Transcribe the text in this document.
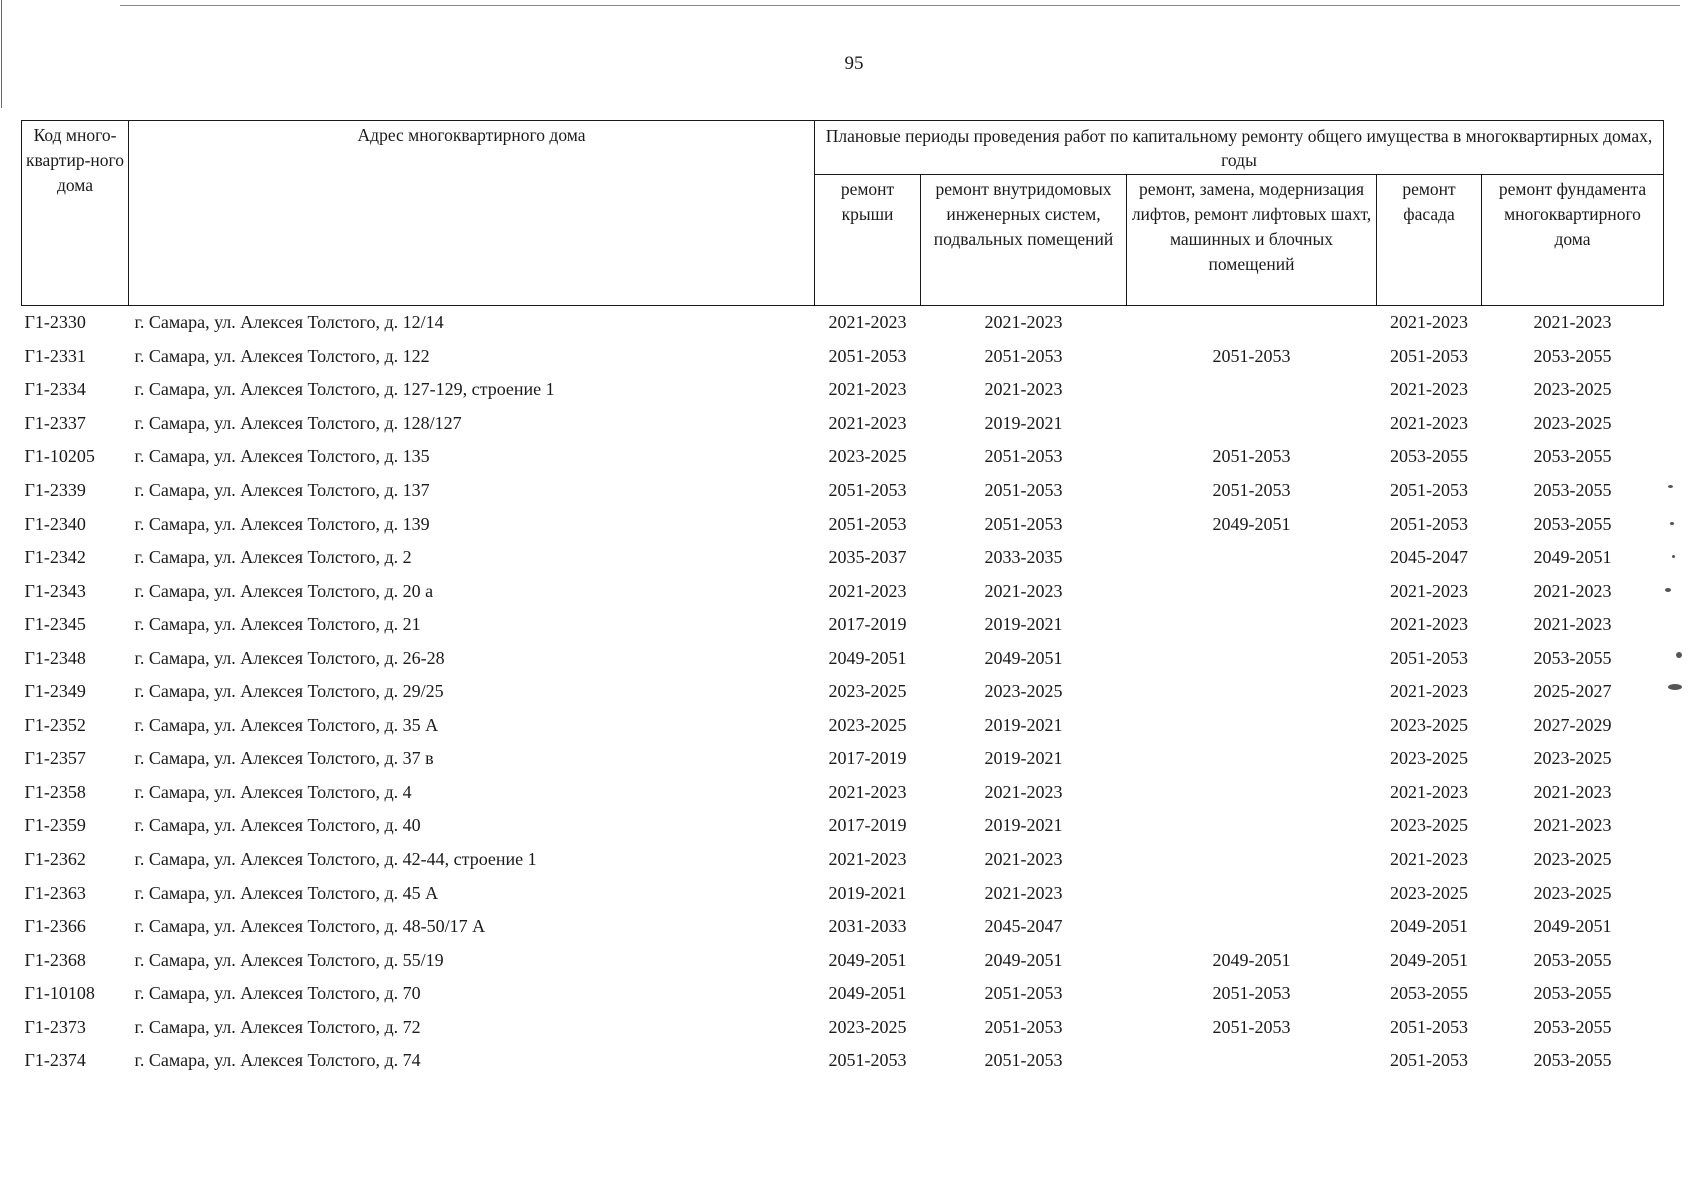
95
Код много-квартир-ного дома	Адрес многоквартирного дома	Плановые периоды проведения работ по капитальному ремонту общего имущества в многоквартирных домах, годы				
		ремонт крыши	ремонт внутридомовых инженерных систем, подвальных помещений	ремонт, замена, модернизация лифтов, ремонт лифтовых шахт, машинных и блочных помещений	ремонт фасада	ремонт фундамента многоквартирного дома
Г1-2330	г. Самара, ул. Алексея Толстого, д. 12/14	2021-2023	2021-2023		2021-2023	2021-2023
Г1-2331	г. Самара, ул. Алексея Толстого, д. 122	2051-2053	2051-2053	2051-2053	2051-2053	2053-2055
Г1-2334	г. Самара, ул. Алексея Толстого, д. 127-129, строение 1	2021-2023	2021-2023		2021-2023	2023-2025
Г1-2337	г. Самара, ул. Алексея Толстого, д. 128/127	2021-2023	2019-2021		2021-2023	2023-2025
Г1-10205	г. Самара, ул. Алексея Толстого, д. 135	2023-2025	2051-2053	2051-2053	2053-2055	2053-2055
Г1-2339	г. Самара, ул. Алексея Толстого, д. 137	2051-2053	2051-2053	2051-2053	2051-2053	2053-2055
Г1-2340	г. Самара, ул. Алексея Толстого, д. 139	2051-2053	2051-2053	2049-2051	2051-2053	2053-2055
Г1-2342	г. Самара, ул. Алексея Толстого, д. 2	2035-2037	2033-2035		2045-2047	2049-2051
Г1-2343	г. Самара, ул. Алексея Толстого, д. 20 а	2021-2023	2021-2023		2021-2023	2021-2023
Г1-2345	г. Самара, ул. Алексея Толстого, д. 21	2017-2019	2019-2021		2021-2023	2021-2023
Г1-2348	г. Самара, ул. Алексея Толстого, д. 26-28	2049-2051	2049-2051		2051-2053	2053-2055
Г1-2349	г. Самара, ул. Алексея Толстого, д. 29/25	2023-2025	2023-2025		2021-2023	2025-2027
Г1-2352	г. Самара, ул. Алексея Толстого, д. 35 А	2023-2025	2019-2021		2023-2025	2027-2029
Г1-2357	г. Самара, ул. Алексея Толстого, д. 37 в	2017-2019	2019-2021		2023-2025	2023-2025
Г1-2358	г. Самара, ул. Алексея Толстого, д. 4	2021-2023	2021-2023		2021-2023	2021-2023
Г1-2359	г. Самара, ул. Алексея Толстого, д. 40	2017-2019	2019-2021		2023-2025	2021-2023
Г1-2362	г. Самара, ул. Алексея Толстого, д. 42-44, строение 1	2021-2023	2021-2023		2021-2023	2023-2025
Г1-2363	г. Самара, ул. Алексея Толстого, д. 45 А	2019-2021	2021-2023		2023-2025	2023-2025
Г1-2366	г. Самара, ул. Алексея Толстого, д. 48-50/17 А	2031-2033	2045-2047		2049-2051	2049-2051
Г1-2368	г. Самара, ул. Алексея Толстого, д. 55/19	2049-2051	2049-2051	2049-2051	2049-2051	2053-2055
Г1-10108	г. Самара, ул. Алексея Толстого, д. 70	2049-2051	2051-2053	2051-2053	2053-2055	2053-2055
Г1-2373	г. Самара, ул. Алексея Толстого, д. 72	2023-2025	2051-2053	2051-2053	2051-2053	2053-2055
Г1-2374	г. Самара, ул. Алексея Толстого, д. 74	2051-2053	2051-2053		2051-2053	2053-2055
